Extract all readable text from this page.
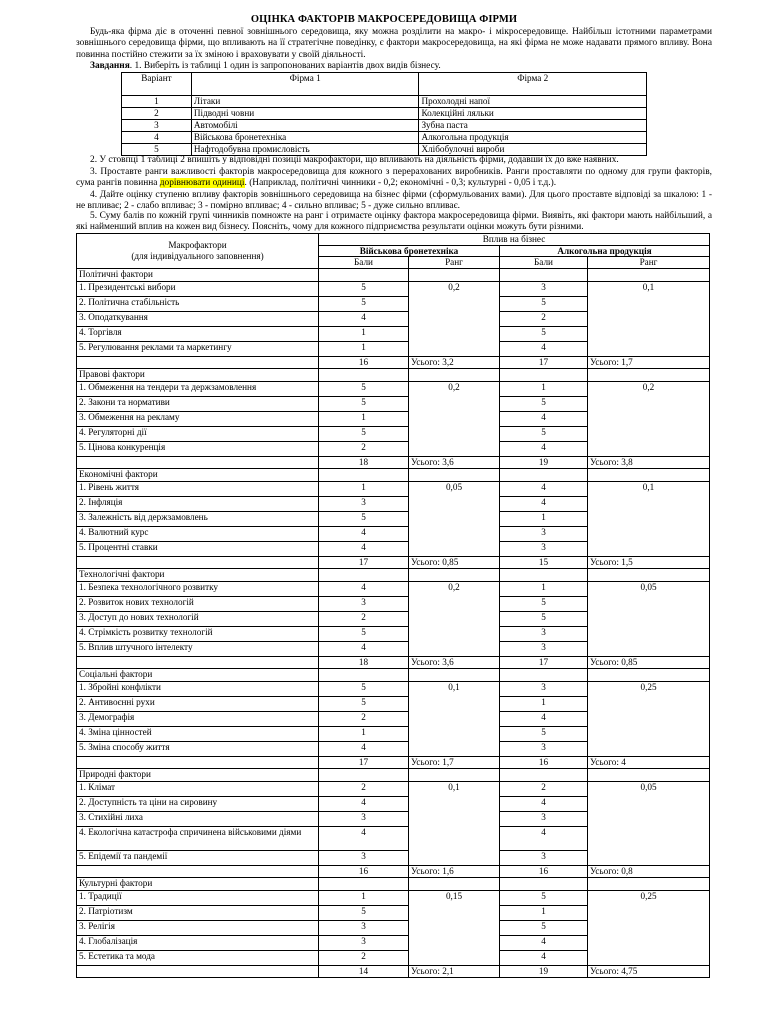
ОЦІНКА ФАКТОРІВ МАКРОСЕРЕДОВИЩА ФІРМИ
Будь-яка фірма діє в оточенні певної зовнішнього середовища, яку можна розділити на макро- і мікросередовище. Найбільш істотними параметрами зовнішнього середовища фірми, що впливають на її стратегічне поведінку, є фактори макросередовища, на які фірма не може надавати прямого впливу. Вона повинна постійно стежити за їх зміною і враховувати у своїй діяльності.
Завдання. 1. Виберіть із таблиці 1 один із запропонованих варіантів двох видів бізнесу.
Варіант	Фірма 1	Фірма 2
1	Літаки	Прохолодні напої
2	Підводні човни	Колекційні ляльки
3	Автомобілі	Зубна паста
4	Військова бронетехніка	Алкогольна продукція
5	Нафтодобувна промисловість	Хлібобулочні вироби
2. У стовпці 1 таблиці 2 впишіть у відповідні позиції макрофактори, що впливають на діяльність фірми, додавши їх до вже наявних.
3. Проставте ранги важливості факторів макросередовища для кожного з перерахованих виробників. Ранги проставляти по одному для групи факторів, сума рангів повинна дорівнювати одиниці. (Наприклад, політичні чинники - 0,2; економічні - 0,3; культурні - 0,05 і т.д.).
4. Дайте оцінку ступеню впливу факторів зовнішнього середовища на бізнес фірми (сформульованих вами). Для цього проставте відповіді за шкалою: 1 - не впливає; 2 - слабо впливає; 3 - помірно впливає; 4 - сильно впливає; 5 - дуже сильно впливає.
5. Суму балів по кожній групі чинників помножте на ранг і отримаєте оцінку фактора макросередовища фірми. Виявіть, які фактори мають найбільший, а які найменший вплив на кожен вид бізнесу. Поясніть, чому для кожного підприємства результати оцінки можуть бути різними.
Макрофактори
(для індивідуального заповнення)	Вплив на бізнес			
	Військова бронетехніка		Алкогольна продукція	
	Бали	Ранг	Бали	Ранг
Політичні фактори				
1. Президентські вибори	5	0,2	3	0,1
2. Політична стабільність	5		5	
3. Оподаткування	4		2	
4. Торгівля	1		5	
5. Регулювання реклами та маркетингу	1		4	
	16	Усього: 3,2	17	Усього: 1,7
Правові фактори				
1. Обмеження на тендери та держзамовлення	5	0,2	1	0,2
2. Закони та нормативи	5		5	
3. Обмеження на рекламу	1		4	
4. Регуляторні дії	5		5	
5. Цінова конкуренція	2		4	
	18	Усього: 3,6	19	Усього: 3,8
Економічні фактори				
1. Рівень життя	1	0,05	4	0,1
2. Інфляція	3		4	
3. Залежність від держзамовлень	5		1	
4. Валютний курс	4		3	
5. Процентні ставки	4		3	
	17	Усього: 0,85	15	Усього: 1,5
Технологічні фактори				
1. Безпека технологічного розвитку	4	0,2	1	0,05
2. Розвиток нових технологій	3		5	
3. Доступ до нових технологій	2		5	
4. Стрімкість розвитку технологій	5		3	
5. Вплив штучного інтелекту	4		3	
	18	Усього: 3,6	17	Усього: 0,85
Соціальні фактори				
1. Збройні конфлікти	5	0,1	3	0,25
2. Антивоєнні рухи	5		1	
3. Демографія	2		4	
4. Зміна цінностей	1		5	
5. Зміна способу життя	4		3	
	17	Усього: 1,7	16	Усього: 4
Природні фактори				
1. Клімат	2	0,1	2	0,05
2. Доступність та ціни на сировину	4		4	
3. Стихійні лиха	3		3	
4. Екологічна катастрофа спричинена військовими діями	4		4	
5. Епідемії та пандемії	3		3	
	16	Усього: 1,6	16	Усього: 0,8
Культурні фактори				
1. Традиції	1	0,15	5	0,25
2. Патріотизм	5		1	
3. Релігія	3		5	
4. Глобалізація	3		4	
5. Естетика та мода	2		4	
	14	Усього: 2,1	19	Усього: 4,75
